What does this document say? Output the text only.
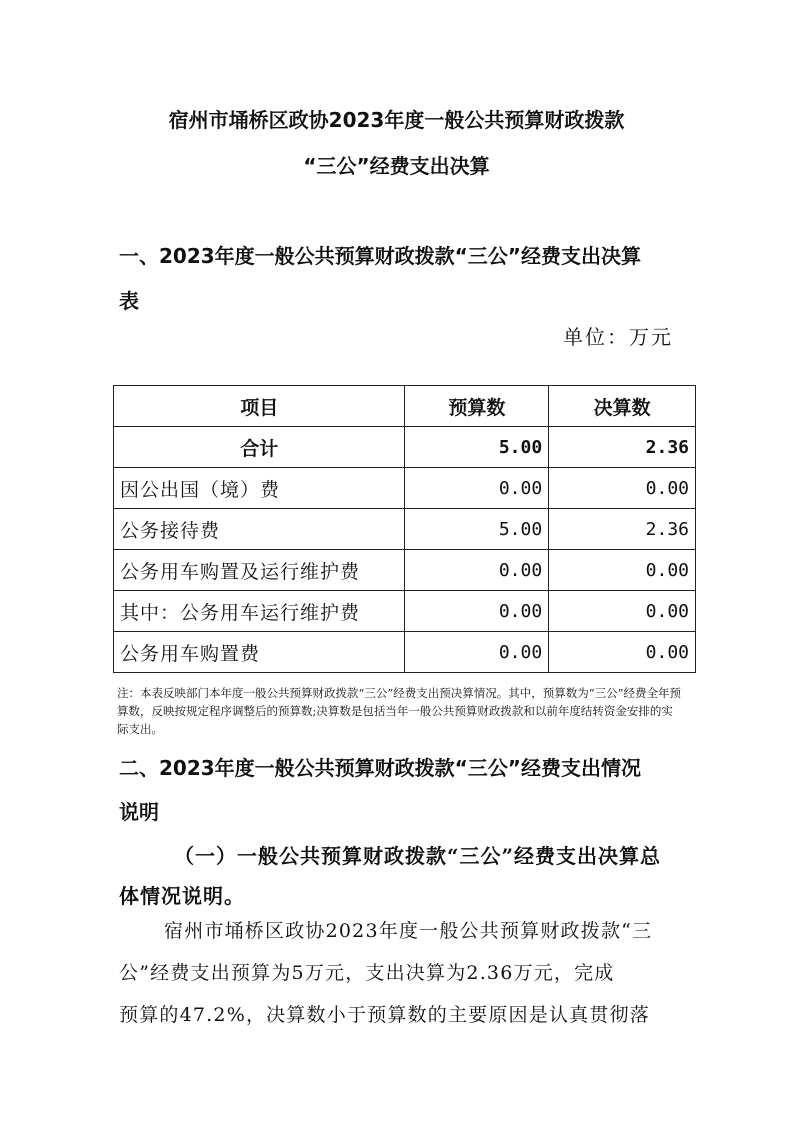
宿州市埇桥区政协2023年度一般公共预算财政拨款
“三公”经费支出决算
一、2023年度一般公共预算财政拨款“三公”经费支出决算
表
单位：万元
项目	预算数	决算数
合计	5.00	2.36
因公出国（境）费	0.00	0.00
公务接待费	5.00	2.36
公务用车购置及运行维护费	0.00	0.00
其中：公务用车运行维护费	0.00	0.00
公务用车购置费	0.00	0.00
注：本表反映部门本年度一般公共预算财政拨款“三公”经费支出预决算情况。其中，预算数为“三公”经费全年预算数，反映按规定程序调整后的预算数;决算数是包括当年一般公共预算财政拨款和以前年度结转资金安排的实际支出。
二、2023年度一般公共预算财政拨款“三公”经费支出情况
说明
（一）一般公共预算财政拨款“三公”经费支出决算总
体情况说明。
宿州市埇桥区政协2023年度一般公共预算财政拨款“三
公”经费支出预算为5万元，支出决算为2.36万元，完成
预算的47.2%，决算数小于预算数的主要原因是认真贯彻落
